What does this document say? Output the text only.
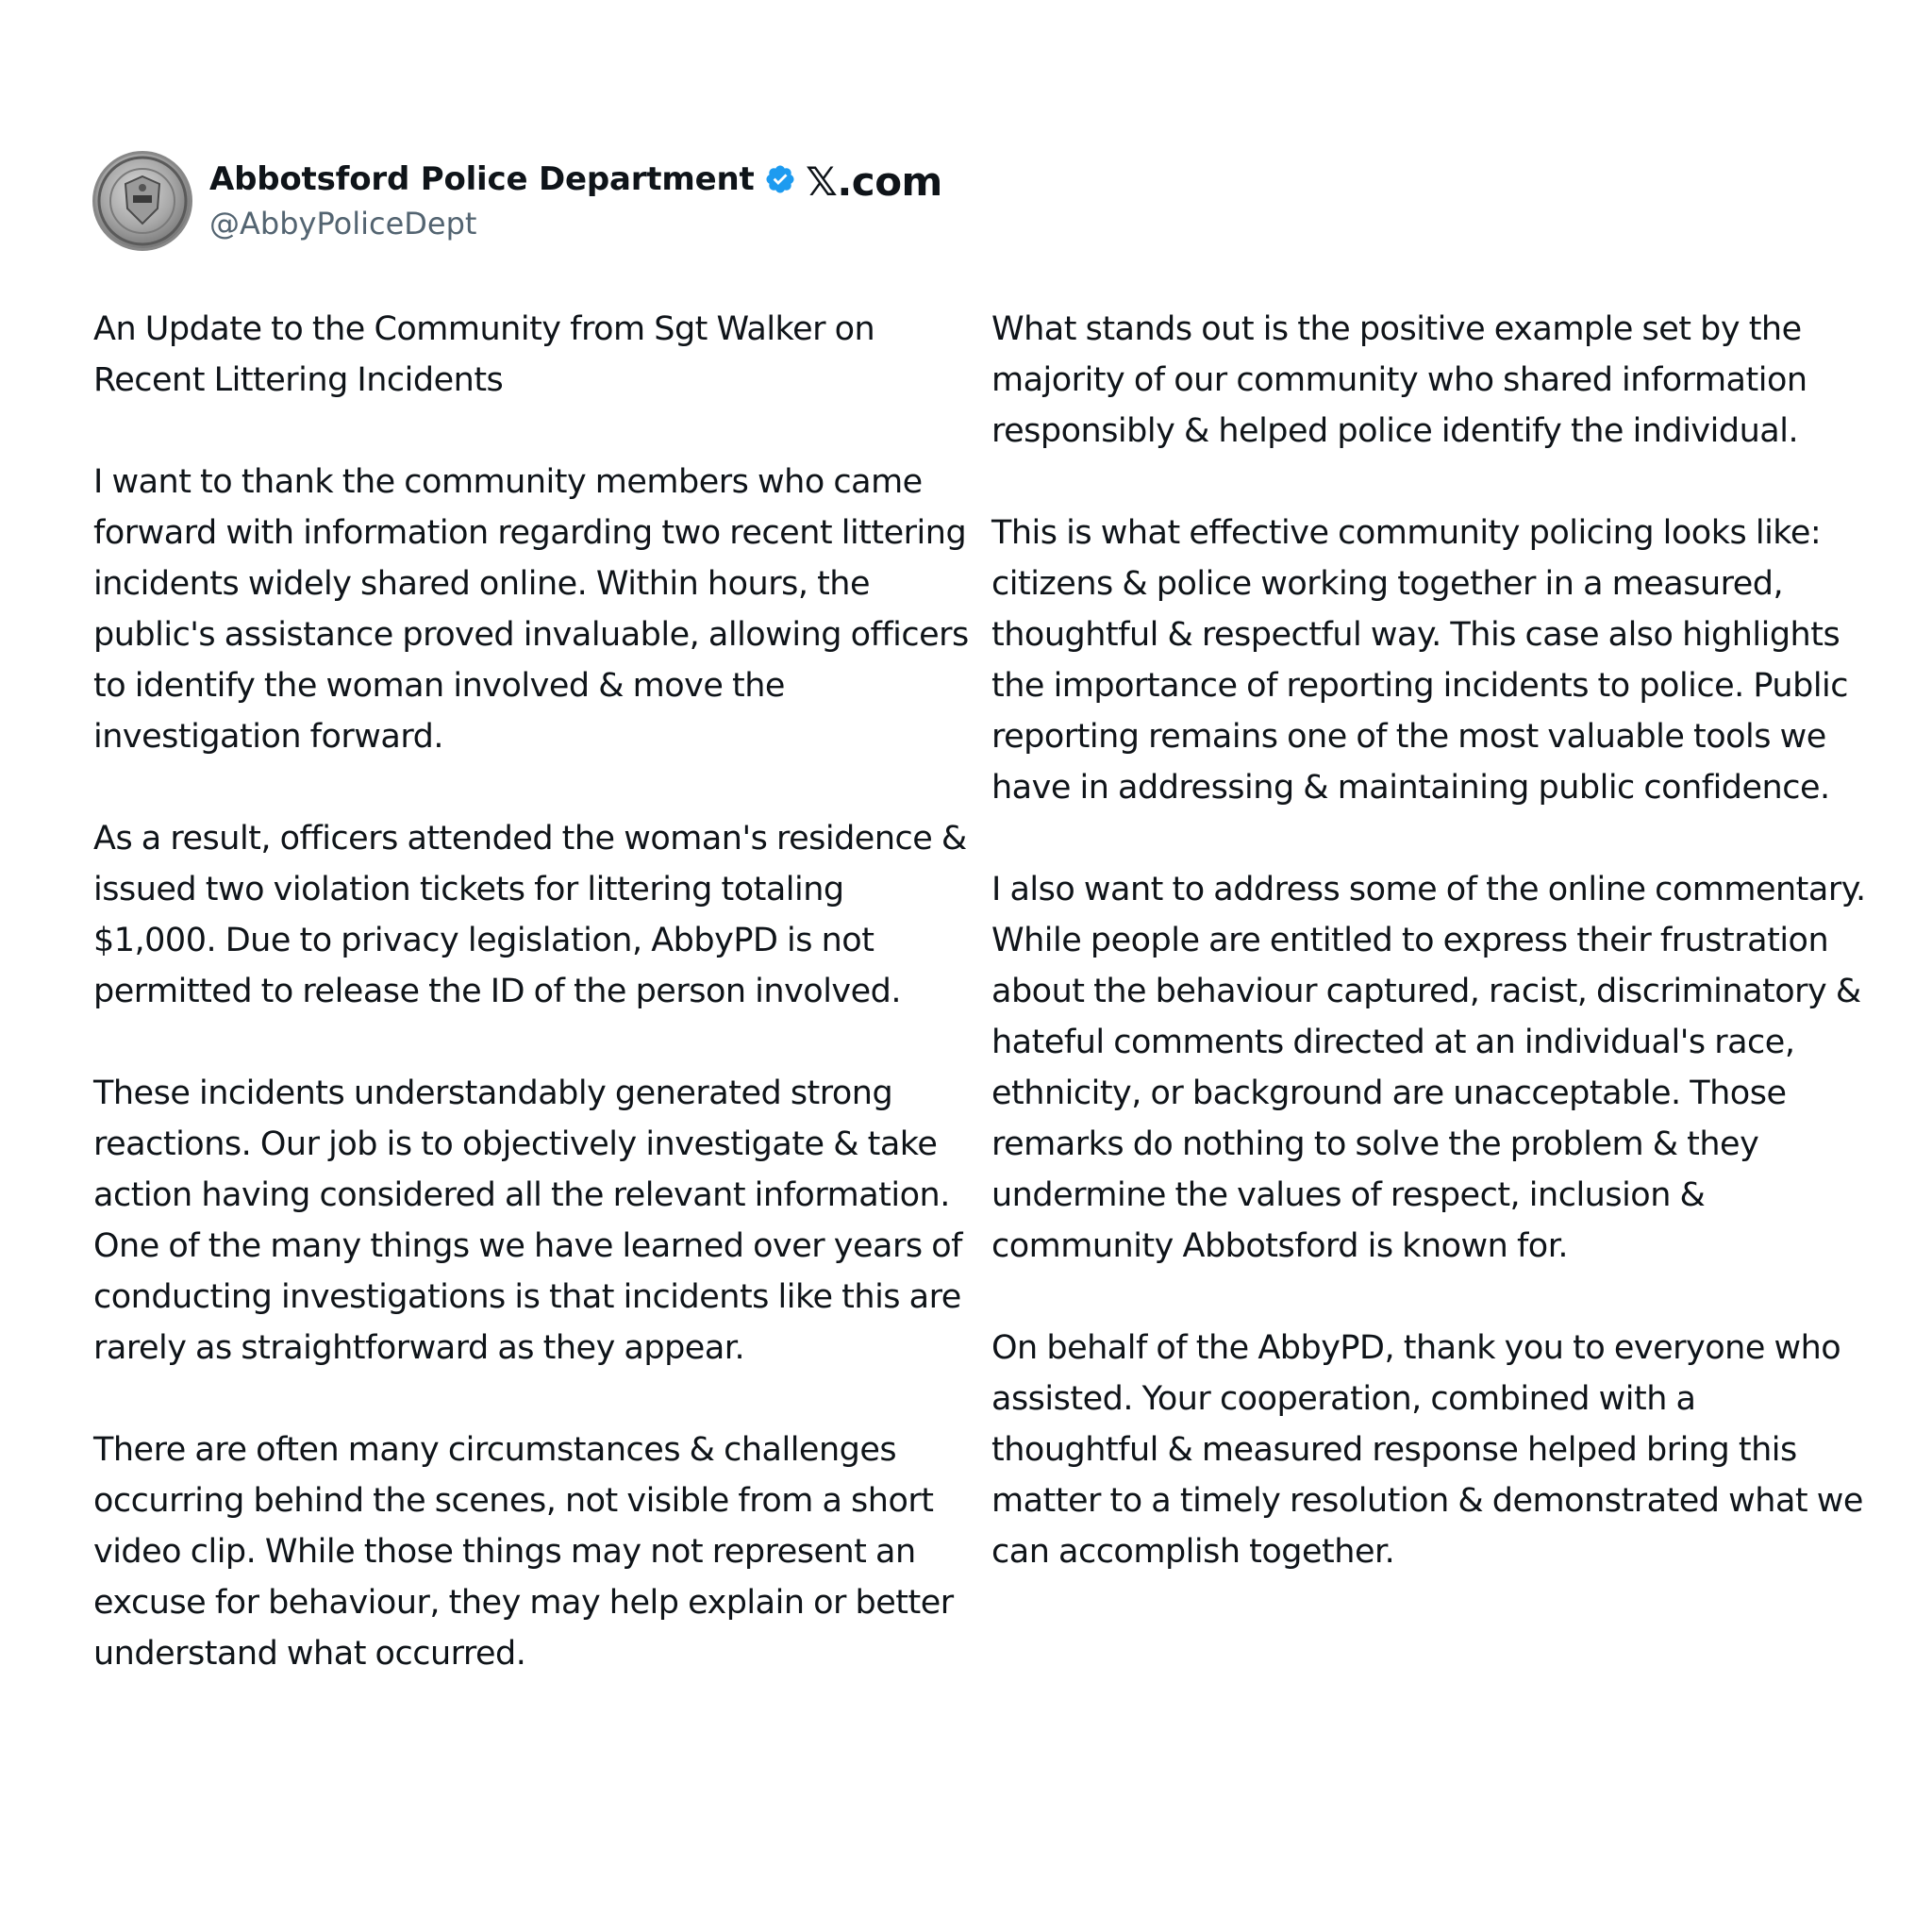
Abbotsford Police Department
@AbbyPoliceDept
𝕏.com

An Update to the Community from Sgt Walker on Recent Littering Incidents

I want to thank the community members who came forward with information regarding two recent littering incidents widely shared online. Within hours, the public's assistance proved invaluable, allowing officers to identify the woman involved & move the investigation forward.

As a result, officers attended the woman's residence & issued two violation tickets for littering totaling $1,000. Due to privacy legislation, AbbyPD is not permitted to release the ID of the person involved.

These incidents understandably generated strong reactions. Our job is to objectively investigate & take action having considered all the relevant information. One of the many things we have learned over years of conducting investigations is that incidents like this are rarely as straightforward as they appear.

There are often many circumstances & challenges occurring behind the scenes, not visible from a short video clip. While those things may not represent an excuse for behaviour, they may help explain or better understand what occurred.

What stands out is the positive example set by the majority of our community who shared information responsibly & helped police identify the individual.

This is what effective community policing looks like: citizens & police working together in a measured, thoughtful & respectful way. This case also highlights the importance of reporting incidents to police. Public reporting remains one of the most valuable tools we have in addressing & maintaining public confidence.

I also want to address some of the online commentary. While people are entitled to express their frustration about the behaviour captured, racist, discriminatory & hateful comments directed at an individual's race, ethnicity, or background are unacceptable. Those remarks do nothing to solve the problem & they undermine the values of respect, inclusion & community Abbotsford is known for.

On behalf of the AbbyPD, thank you to everyone who assisted. Your cooperation, combined with a thoughtful & measured response helped bring this matter to a timely resolution & demonstrated what we can accomplish together.
